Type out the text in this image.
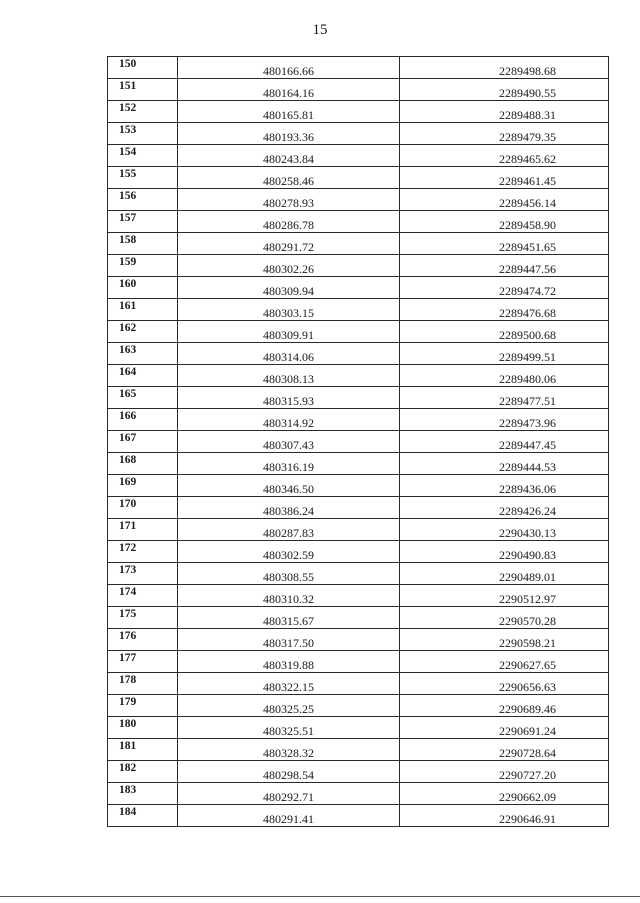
15
150	480166.66	2289498.68
151	480164.16	2289490.55
152	480165.81	2289488.31
153	480193.36	2289479.35
154	480243.84	2289465.62
155	480258.46	2289461.45
156	480278.93	2289456.14
157	480286.78	2289458.90
158	480291.72	2289451.65
159	480302.26	2289447.56
160	480309.94	2289474.72
161	480303.15	2289476.68
162	480309.91	2289500.68
163	480314.06	2289499.51
164	480308.13	2289480.06
165	480315.93	2289477.51
166	480314.92	2289473.96
167	480307.43	2289447.45
168	480316.19	2289444.53
169	480346.50	2289436.06
170	480386.24	2289426.24
171	480287.83	2290430.13
172	480302.59	2290490.83
173	480308.55	2290489.01
174	480310.32	2290512.97
175	480315.67	2290570.28
176	480317.50	2290598.21
177	480319.88	2290627.65
178	480322.15	2290656.63
179	480325.25	2290689.46
180	480325.51	2290691.24
181	480328.32	2290728.64
182	480298.54	2290727.20
183	480292.71	2290662.09
184	480291.41	2290646.91
